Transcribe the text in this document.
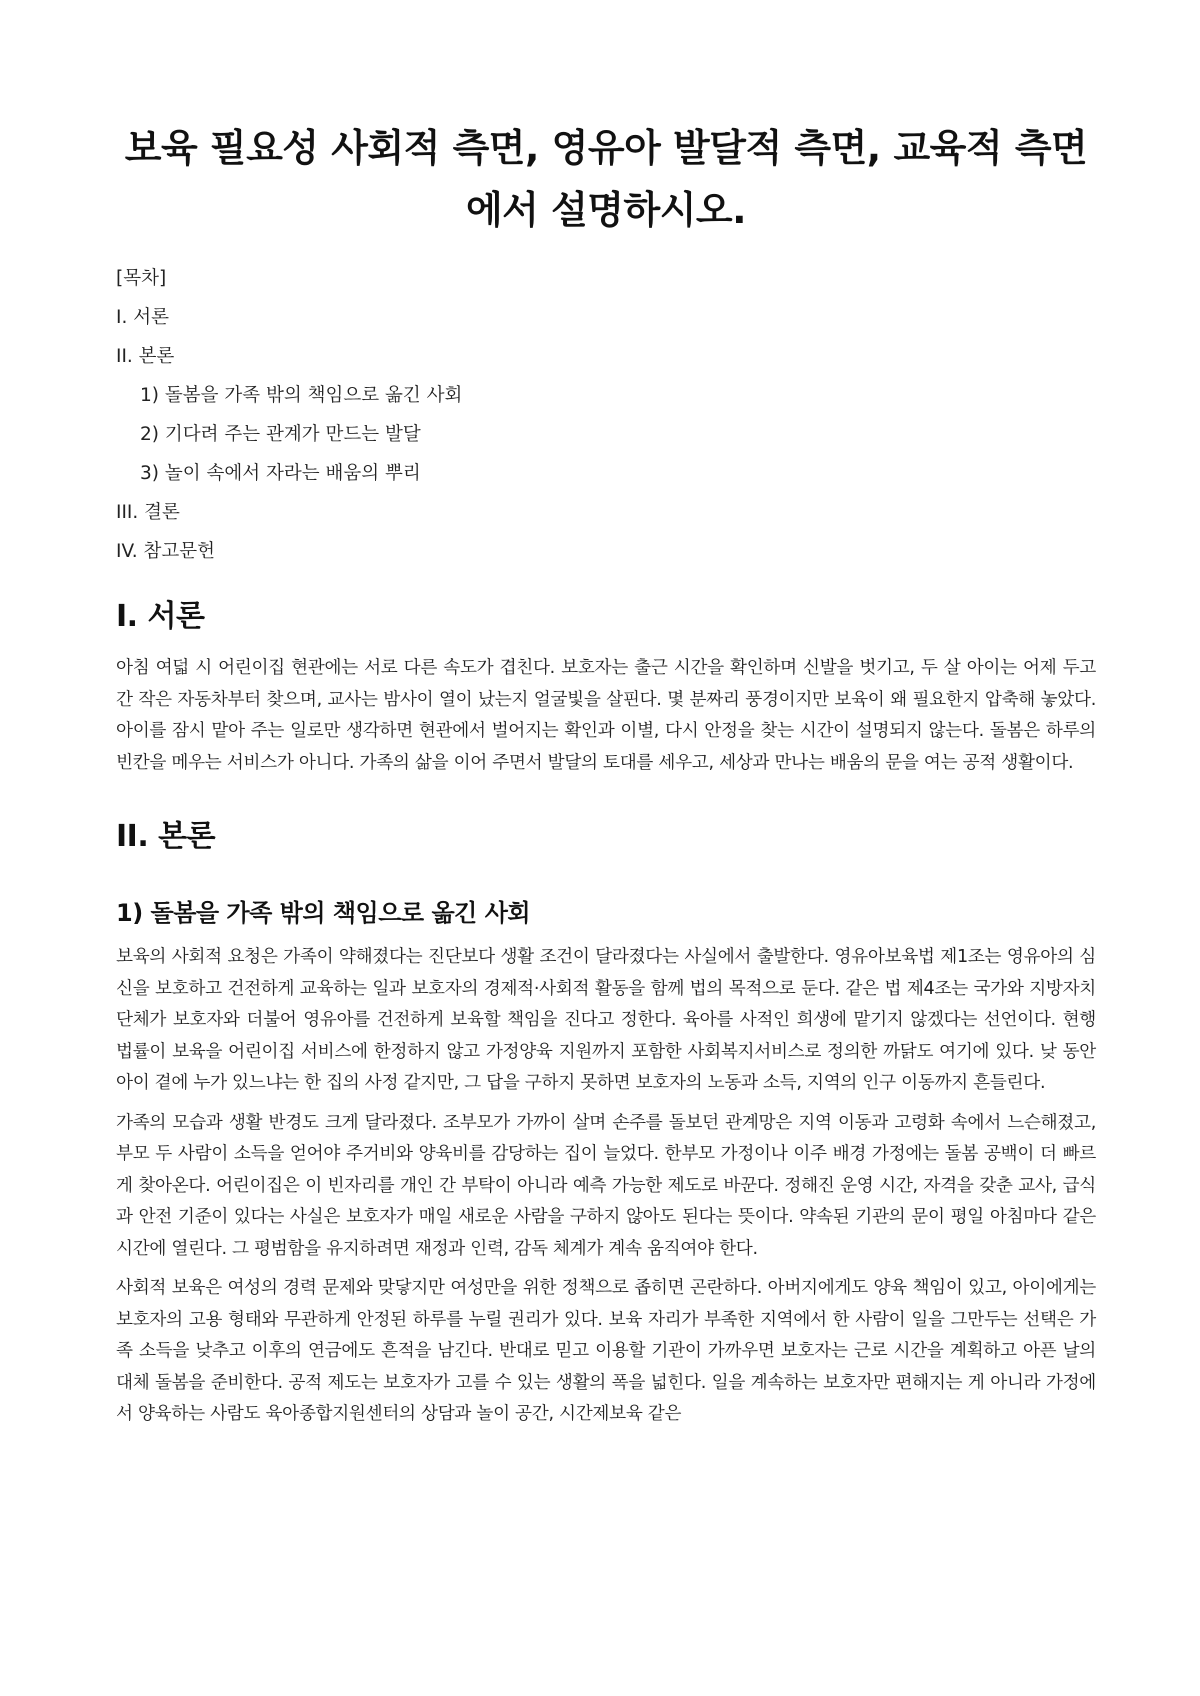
보육 필요성 사회적 측면, 영유아 발달적 측면, 교육적 측면에서 설명하시오.
[목차]
I. 서론
II. 본론
1) 돌봄을 가족 밖의 책임으로 옮긴 사회
2) 기다려 주는 관계가 만드는 발달
3) 놀이 속에서 자라는 배움의 뿌리
III. 결론
IV. 참고문헌
I. 서론

아침 여덟 시 어린이집 현관에는 서로 다른 속도가 겹친다. 보호자는 출근 시간을 확인하며 신발을 벗기고, 두 살 아이는 어제 두고 간 작은 자동차부터 찾으며, 교사는 밤사이 열이 났는지 얼굴빛을 살핀다. 몇 분짜리 풍경이지만 보육이 왜 필요한지 압축해 놓았다. 아이를 잠시 맡아 주는 일로만 생각하면 현관에서 벌어지는 확인과 이별, 다시 안정을 찾는 시간이 설명되지 않는다. 돌봄은 하루의 빈칸을 메우는 서비스가 아니다. 가족의 삶을 이어 주면서 발달의 토대를 세우고, 세상과 만나는 배움의 문을 여는 공적 생활이다.

II. 본론
1) 돌봄을 가족 밖의 책임으로 옮긴 사회

보육의 사회적 요청은 가족이 약해졌다는 진단보다 생활 조건이 달라졌다는 사실에서 출발한다. 영유아보육법 제1조는 영유아의 심신을 보호하고 건전하게 교육하는 일과 보호자의 경제적·사회적 활동을 함께 법의 목적으로 둔다. 같은 법 제4조는 국가와 지방자치단체가 보호자와 더불어 영유아를 건전하게 보육할 책임을 진다고 정한다. 육아를 사적인 희생에 맡기지 않겠다는 선언이다. 현행 법률이 보육을 어린이집 서비스에 한정하지 않고 가정양육 지원까지 포함한 사회복지서비스로 정의한 까닭도 여기에 있다. 낮 동안 아이 곁에 누가 있느냐는 한 집의 사정 같지만, 그 답을 구하지 못하면 보호자의 노동과 소득, 지역의 인구 이동까지 흔들린다.

가족의 모습과 생활 반경도 크게 달라졌다. 조부모가 가까이 살며 손주를 돌보던 관계망은 지역 이동과 고령화 속에서 느슨해졌고, 부모 두 사람이 소득을 얻어야 주거비와 양육비를 감당하는 집이 늘었다. 한부모 가정이나 이주 배경 가정에는 돌봄 공백이 더 빠르게 찾아온다. 어린이집은 이 빈자리를 개인 간 부탁이 아니라 예측 가능한 제도로 바꾼다. 정해진 운영 시간, 자격을 갖춘 교사, 급식과 안전 기준이 있다는 사실은 보호자가 매일 새로운 사람을 구하지 않아도 된다는 뜻이다. 약속된 기관의 문이 평일 아침마다 같은 시간에 열린다. 그 평범함을 유지하려면 재정과 인력, 감독 체계가 계속 움직여야 한다.

사회적 보육은 여성의 경력 문제와 맞닿지만 여성만을 위한 정책으로 좁히면 곤란하다. 아버지에게도 양육 책임이 있고, 아이에게는 보호자의 고용 형태와 무관하게 안정된 하루를 누릴 권리가 있다. 보육 자리가 부족한 지역에서 한 사람이 일을 그만두는 선택은 가족 소득을 낮추고 이후의 연금에도 흔적을 남긴다. 반대로 믿고 이용할 기관이 가까우면 보호자는 근로 시간을 계획하고 아픈 날의 대체 돌봄을 준비한다. 공적 제도는 보호자가 고를 수 있는 생활의 폭을 넓힌다. 일을 계속하는 보호자만 편해지는 게 아니라 가정에서 양육하는 사람도 육아종합지원센터의 상담과 놀이 공간, 시간제보육 같은
